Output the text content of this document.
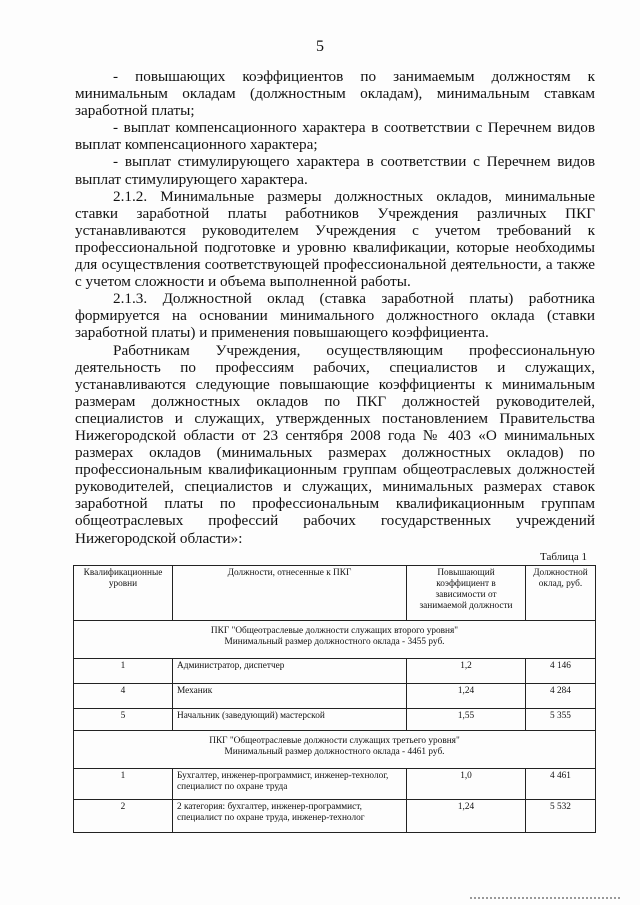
5

- повышающих коэффициентов по занимаемым должностям к минимальным окладам (должностным окладам), минимальным ставкам заработной платы;

- выплат компенсационного характера в соответствии с Перечнем видов выплат компенсационного характера;

- выплат стимулирующего характера в соответствии с Перечнем видов выплат стимулирующего характера.

2.1.2. Минимальные размеры должностных окладов, минимальные ставки заработной платы работников Учреждения различных ПКГ устанавливаются руководителем Учреждения с учетом требований к профессиональной подготовке и уровню квалификации, которые необходимы для осуществления соответствующей профессиональной деятельности, а также с учетом сложности и объема выполненной работы.

2.1.3. Должностной оклад (ставка заработной платы) работника формируется на основании минимального должностного оклада (ставки заработной платы) и применения повышающего коэффициента.

Работникам Учреждения, осуществляющим профессиональную деятельность по профессиям рабочих, специалистов и служащих, устанавливаются следующие повышающие коэффициенты к минимальным размерам должностных окладов по ПКГ должностей руководителей, специалистов и служащих, утвержденных постановлением Правительства Нижегородской области от 23 сентября 2008 года № 403 «О минимальных размерах окладов (минимальных размерах должностных окладов) по профессиональным квалификационным группам общеотраслевых должностей руководителей, специалистов и служащих, минимальных размерах ставок заработной платы по профессиональным квалификационным группам общеотраслевых профессий рабочих государственных учреждений Нижегородской области»:

Таблица 1
Квалификационные уровни	Должности, отнесенные к ПКГ	Повышающий коэффициент в зависимости от занимаемой должности	Должностной оклад, руб.

ПКГ "Общеотраслевые должности служащих второго уровня"
Минимальный размер должностного оклада - 3455 руб.			

1	Администратор, диспетчер	1,2	4 146
4	Механик	1,24	4 284
5	Начальник (заведующий) мастерской	1,55	5 355

ПКГ "Общеотраслевые должности служащих третьего уровня"
Минимальный размер должностного оклада - 4461 руб.			

1	Бухгалтер, инженер-программист, инженер-технолог, специалист по охране труда	1,0	4 461
2	2 категория: бухгалтер, инженер-программист, специалист по охране труда, инженер-технолог	1,24	5 532
